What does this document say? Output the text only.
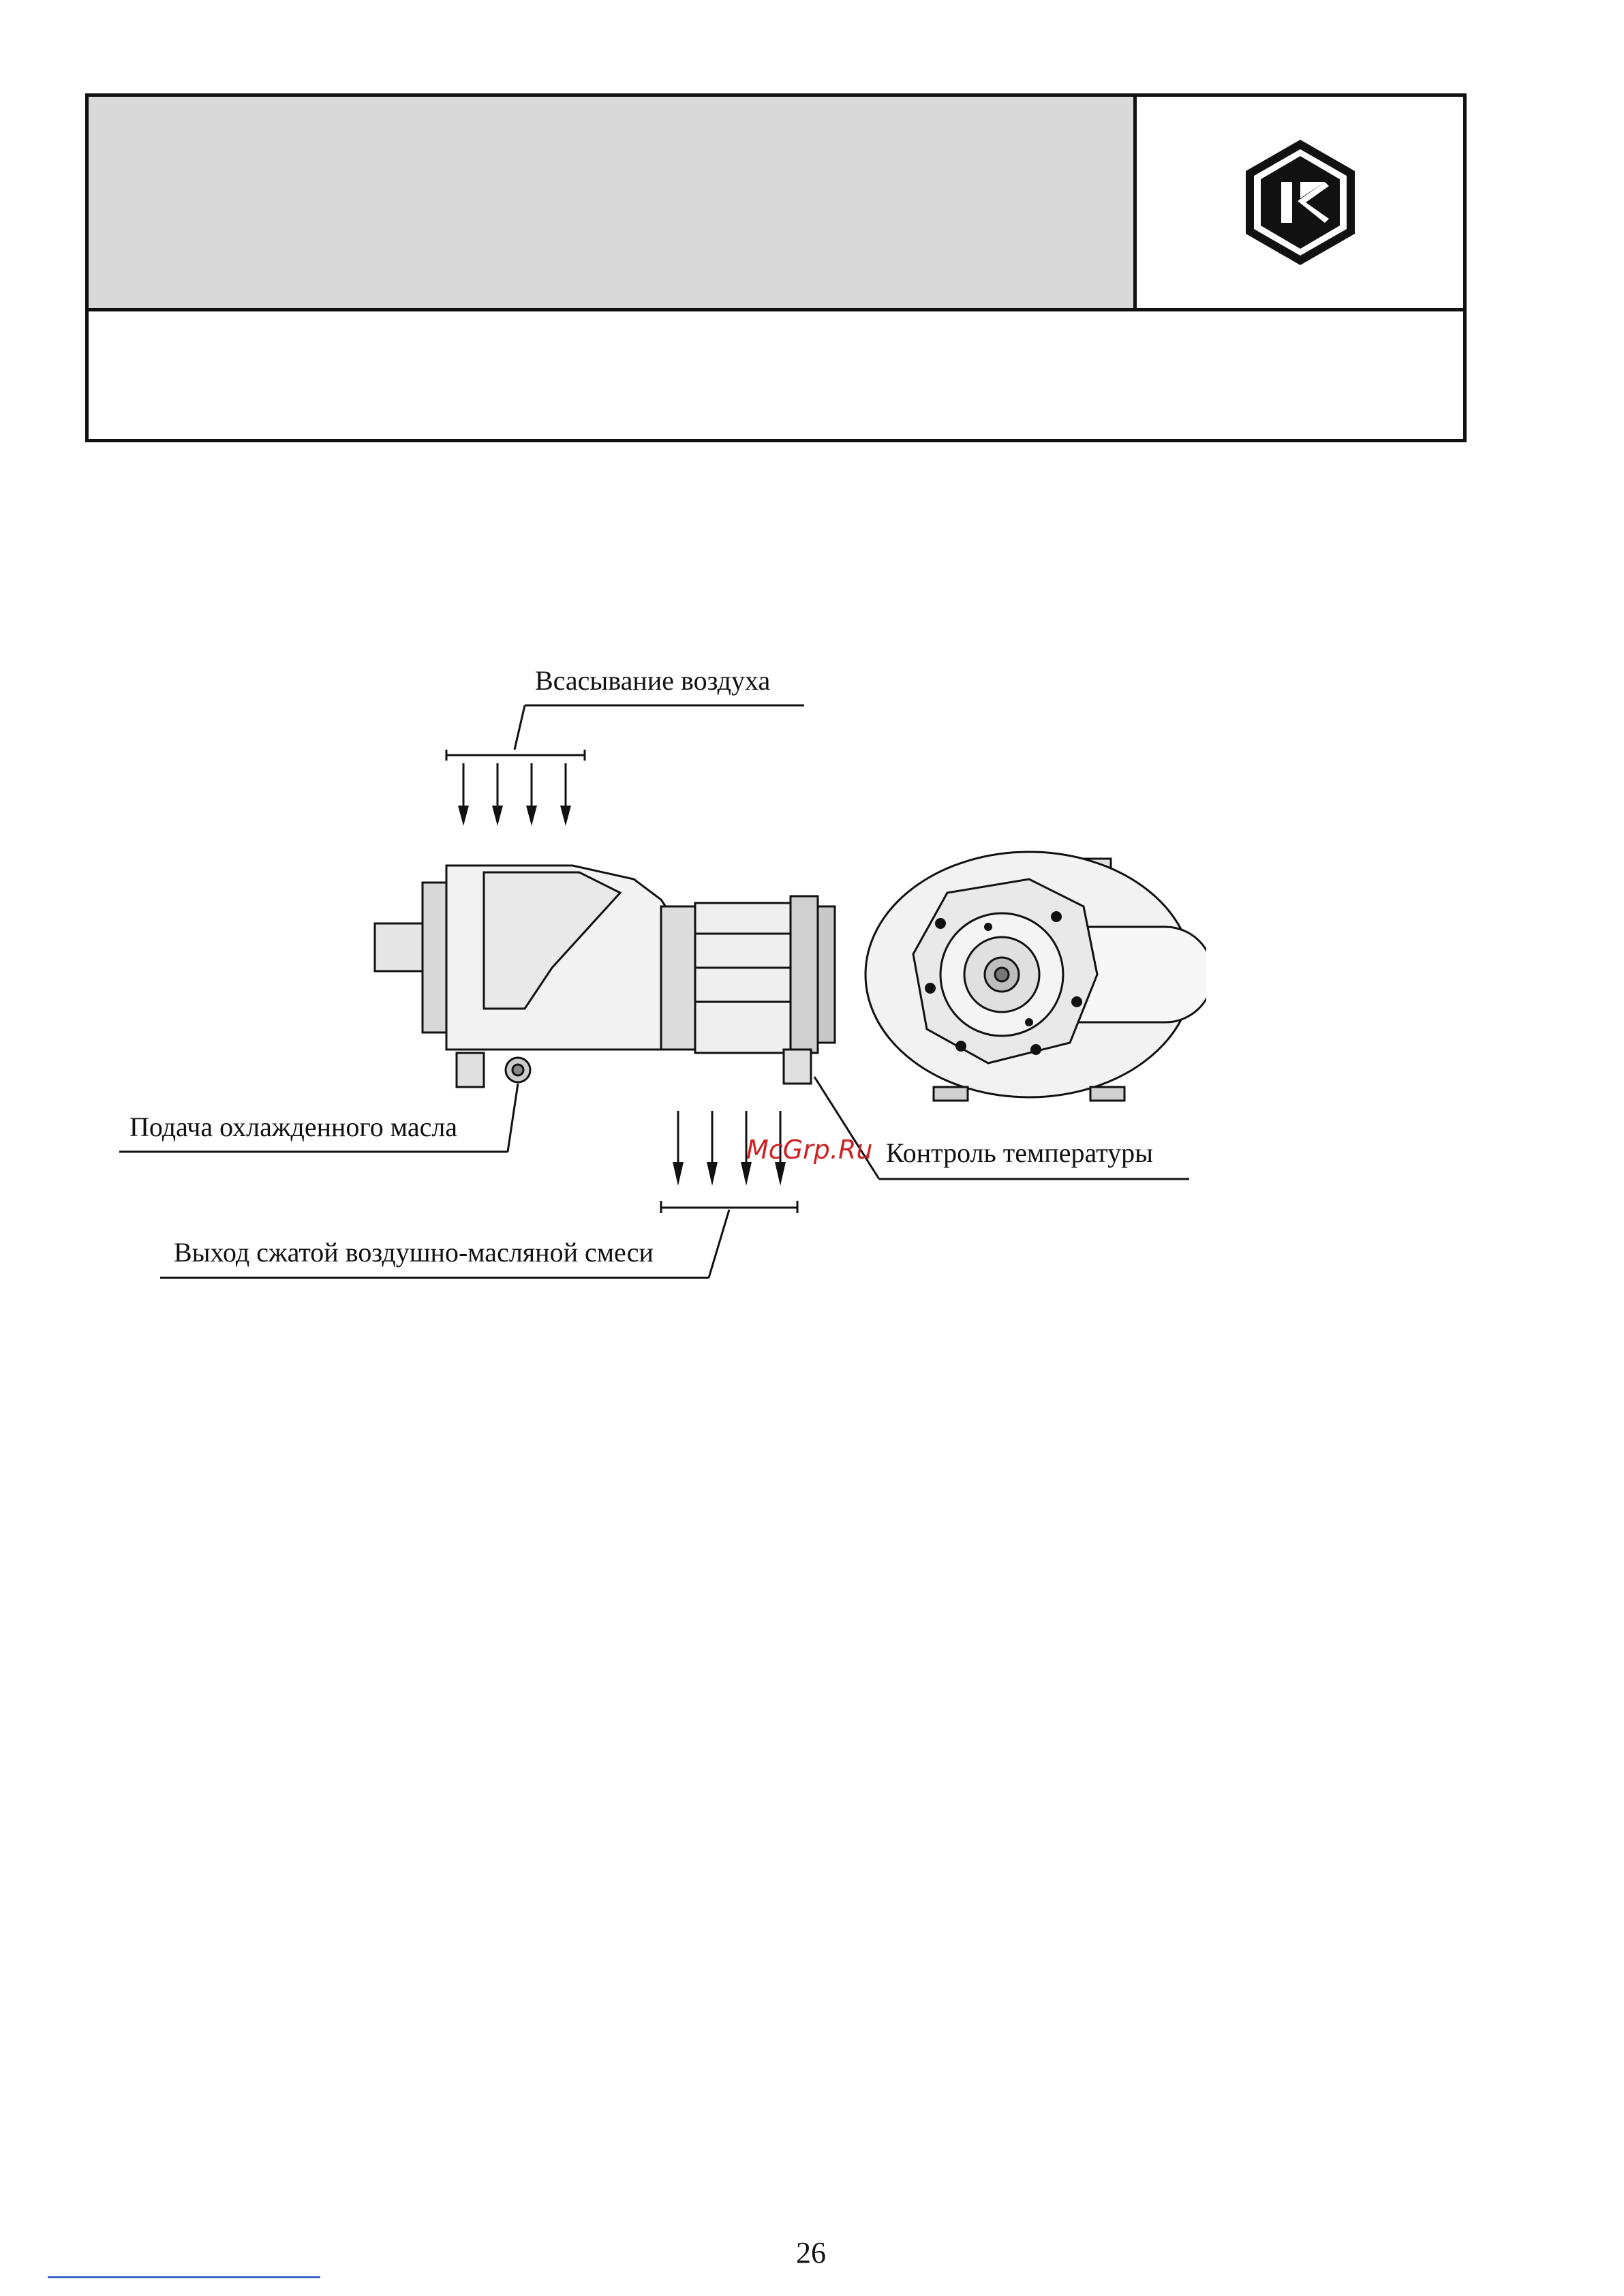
Всасывание воздуха
Подача охлажденного масла
Контроль температуры
Выход сжатой воздушно-масляной смеси
McGrp.Ru
26
